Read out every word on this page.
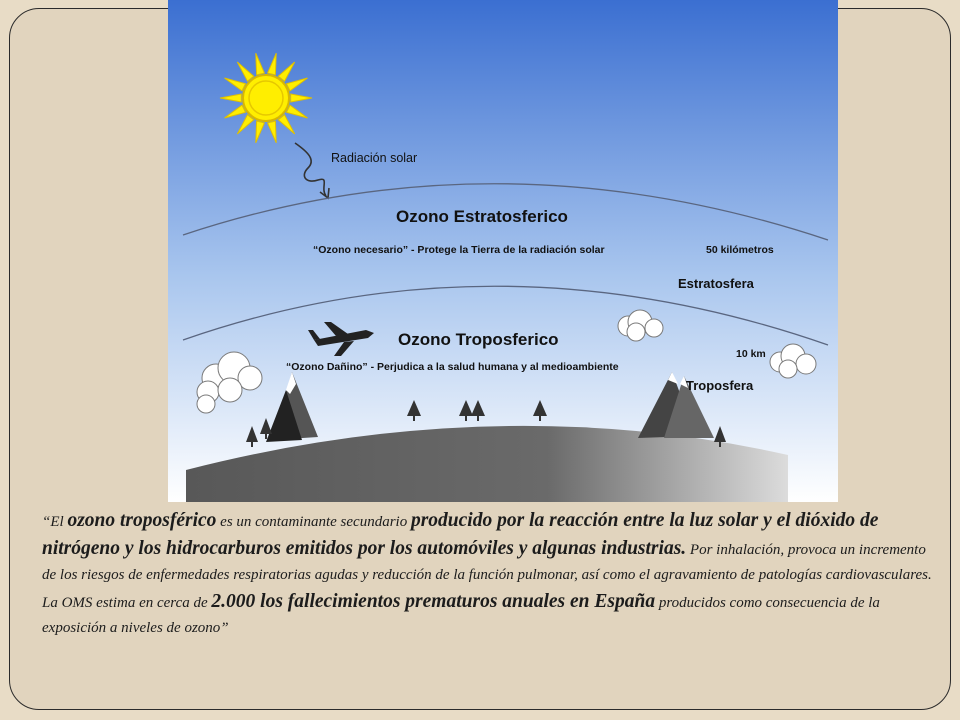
Radiación solar
Ozono Estratosferico
“Ozono necesario” - Protege la Tierra de la radiación solar	50 kilómetros
Estratosfera
Ozono Troposferico
10 km
“Ozono Dañino” - Perjudica a la salud humana y al medioambiente
Troposfera
“El ozono troposférico es un contaminante secundario producido por la reacción entre la luz solar y el dióxido de nitrógeno y los hidrocarburos emitidos por los automóviles y algunas industrias. Por inhalación, provoca un incremento de los riesgos de enfermedades respiratorias agudas y reducción de la función pulmonar, así como el agravamiento de patologías cardiovasculares. La OMS estima en cerca de 2.000 los fallecimientos prematuros anuales en España producidos como consecuencia de la exposición a niveles de ozono”
